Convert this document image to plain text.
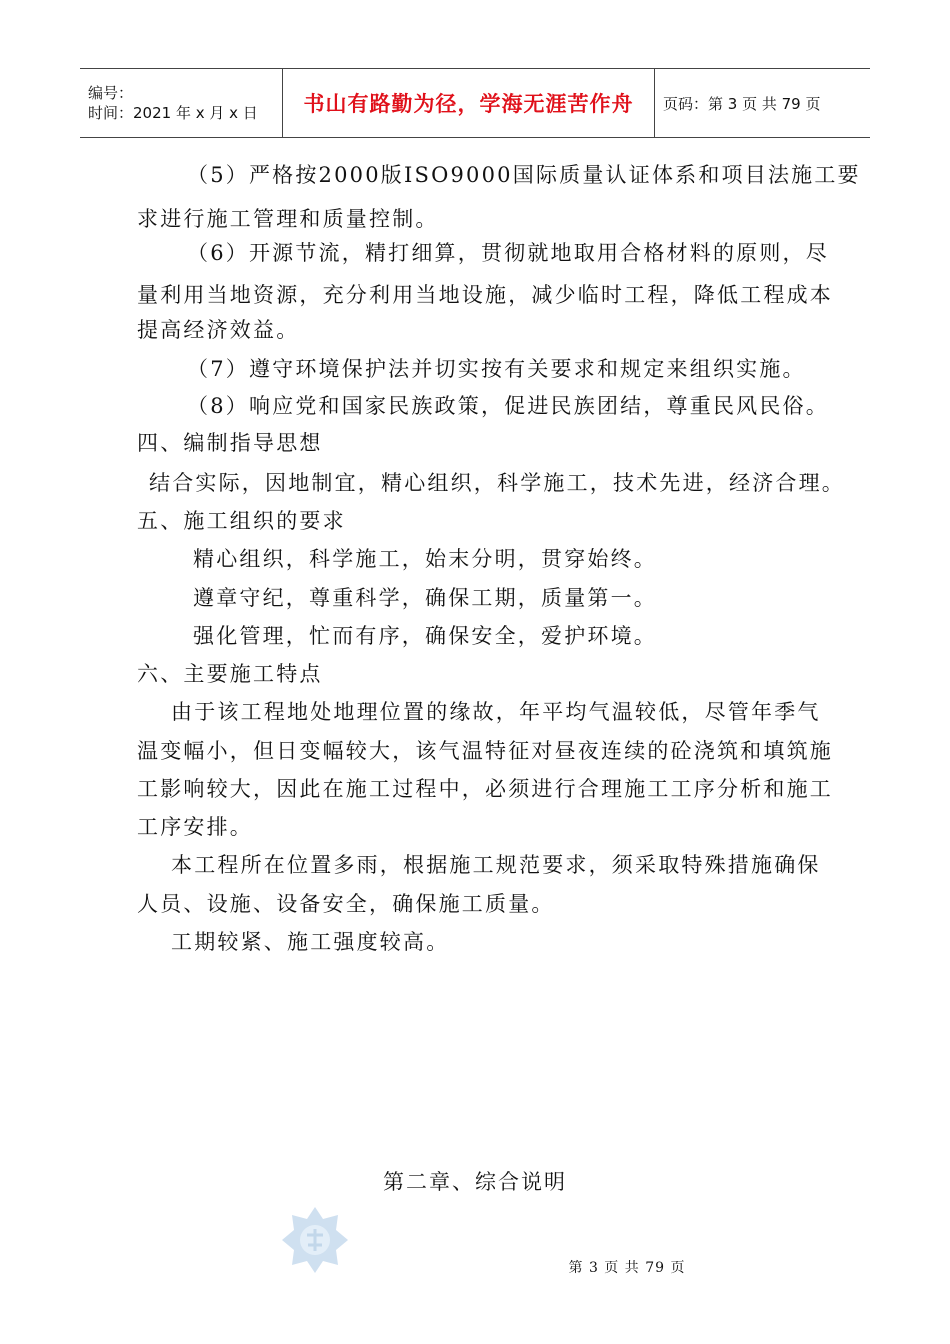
编号：
时间：2021 年 x 月 x 日	书山有路勤为径，学海无涯苦作舟 页码：第 3 页 共 79 页
（5）严格按2000版ISO9000国际质量认证体系和项目法施工要
求进行施工管理和质量控制。
（6）开源节流，精打细算，贯彻就地取用合格材料的原则，尽
量利用当地资源，充分利用当地设施，减少临时工程，降低工程成本
提高经济效益。
（7）遵守环境保护法并切实按有关要求和规定来组织实施。
（8）响应党和国家民族政策，促进民族团结，尊重民风民俗。
四、编制指导思想
结合实际，因地制宜，精心组织，科学施工，技术先进，经济合理。
五、施工组织的要求
精心组织，科学施工，始末分明，贯穿始终。
遵章守纪，尊重科学，确保工期，质量第一。
强化管理，忙而有序，确保安全，爱护环境。
六、主要施工特点
由于该工程地处地理位置的缘故，年平均气温较低，尽管年季气
温变幅小，但日变幅较大，该气温特征对昼夜连续的砼浇筑和填筑施
工影响较大，因此在施工过程中，必须进行合理施工工序分析和施工
工序安排。
本工程所在位置多雨，根据施工规范要求，须采取特殊措施确保
人员、设施、设备安全，确保施工质量。
工期较紧、施工强度较高。
第二章、综合说明
第 3 页 共 79 页
